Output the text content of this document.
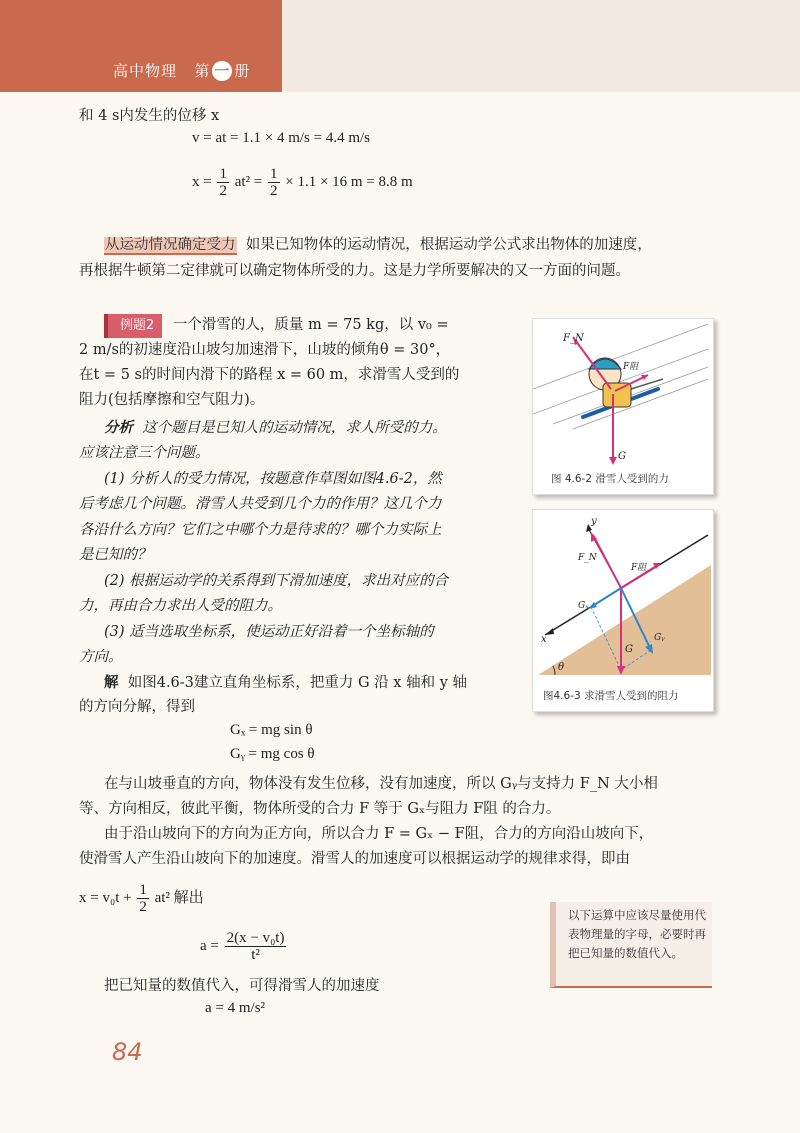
高中物理 第 一 册
和 4 s内发生的位移 x
v = at = 1.1 × 4 m/s = 4.4 m/s
$x = \frac{1}{2} at^2 = \frac{1}{2} \times 1.1 \times 16$ m = 8.8 m
从运动情况确定受力 如果已知物体的运动情况，根据运动学公式求出物体的加速度，
再根据牛顿第二定律就可以确定物体所受的力。这是力学所要解决的又一方面的问题。
例题2 一个滑雪的人，质量 m = 75 kg，以 v₀ =
2 m/s的初速度沿山坡匀加速滑下，山坡的倾角θ = 30°，
在t = 5 s的时间内滑下的路程 x = 60 m，求滑雪人受到的
阻力(包括摩擦和空气阻力)。
分析 这个题目是已知人的运动情况，求人所受的力。
应该注意三个问题。
(1) 分析人的受力情况，按题意作草图如图4.6-2，然
后考虑几个问题。滑雪人共受到几个力的作用？这几个力
各沿什么方向？它们之中哪个力是待求的？哪个力实际上
是已知的？
(2) 根据运动学的关系得到下滑加速度，求出对应的合
力，再由合力求出人受的阻力。
(3) 适当选取坐标系，使运动正好沿着一个坐标轴的
方向。
解 如图4.6-3建立直角坐标系，把重力 G 沿 x 轴和 y 轴
的方向分解，得到
Gₓ = mg sin θ
Gᵧ = mg cos θ
在与山坡垂直的方向，物体没有发生位移，没有加速度，所以 Gᵧ与支持力 F_N 大小相
等、方向相反，彼此平衡，物体所受的合力 F 等于 Gₓ与阻力 F阻 的合力。
由于沿山坡向下的方向为正方向，所以合力 F = Gₓ − F阻，合力的方向沿山坡向下，
使滑雪人产生沿山坡向下的加速度。滑雪人的加速度可以根据运动学的规律求得，即由
$x = v_0t + \frac{1}{2} at^2$ 解出
$a = \frac{\text{2(x − v₀t)}}{\text{t²}}$
把已知量的数值代入，可得滑雪人的加速度
a = 4 m/s²
F_N
F阻
G
图 4.6-2 滑雪人受到的力
θ
x
y
F_N
F阻
G
Gₓ
Gᵧ
图4.6-3 求滑雪人受到的阻力
以下运算中应该尽量使用代表物理量的字母，必要时再把已知量的数值代入。
84
